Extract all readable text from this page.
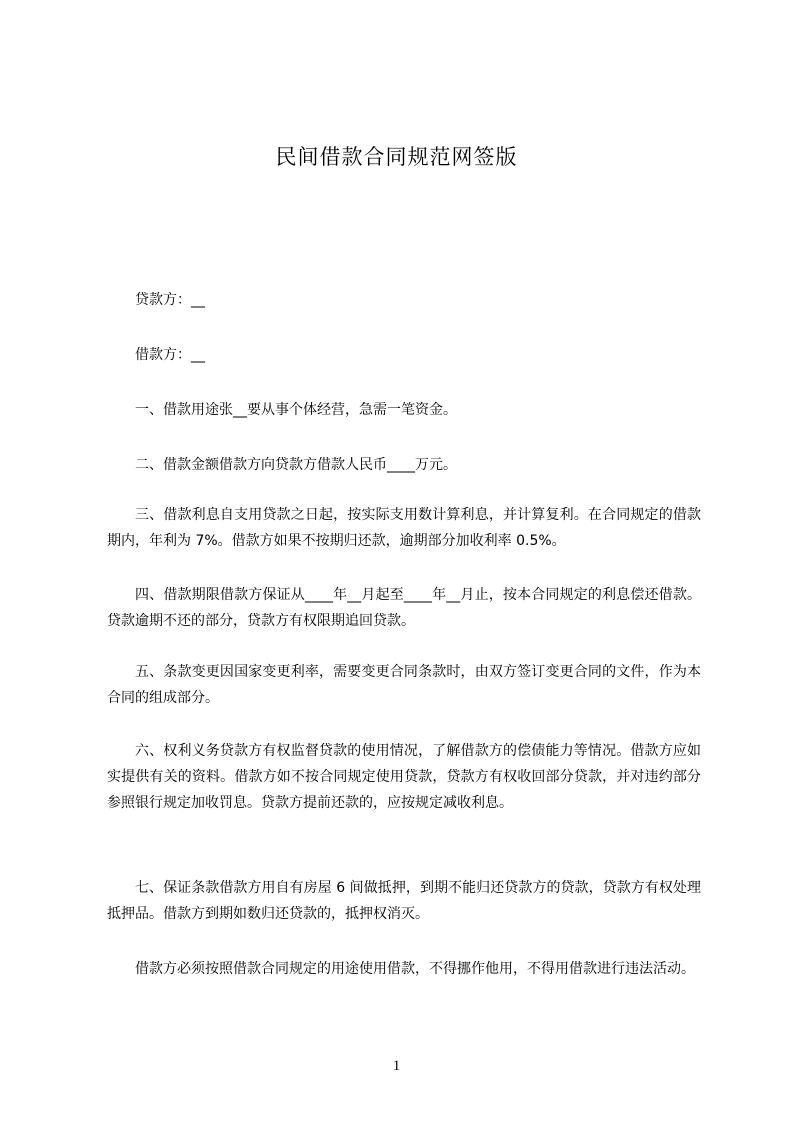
民间借款合同规范网签版

贷款方：__

借款方：__

一、借款用途张__要从事个体经营，急需一笔资金。

二、借款金额借款方向贷款方借款人民币____万元。

三、借款利息自支用贷款之日起，按实际支用数计算利息，并计算复利。在合同规定的借款期内，年利为 7%。借款方如果不按期归还款，逾期部分加收利率 0.5%。

四、借款期限借款方保证从____年__月起至____年__月止，按本合同规定的利息偿还借款。贷款逾期不还的部分，贷款方有权限期追回贷款。

五、条款变更因国家变更利率，需要变更合同条款时，由双方签订变更合同的文件，作为本合同的组成部分。

六、权利义务贷款方有权监督贷款的使用情况，了解借款方的偿债能力等情况。借款方应如实提供有关的资料。借款方如不按合同规定使用贷款，贷款方有权收回部分贷款，并对违约部分参照银行规定加收罚息。贷款方提前还款的，应按规定减收利息。

七、保证条款借款方用自有房屋 6 间做抵押，到期不能归还贷款方的贷款，贷款方有权处理抵押品。借款方到期如数归还贷款的，抵押权消灭。

借款方必须按照借款合同规定的用途使用借款，不得挪作他用，不得用借款进行违法活动。

1
